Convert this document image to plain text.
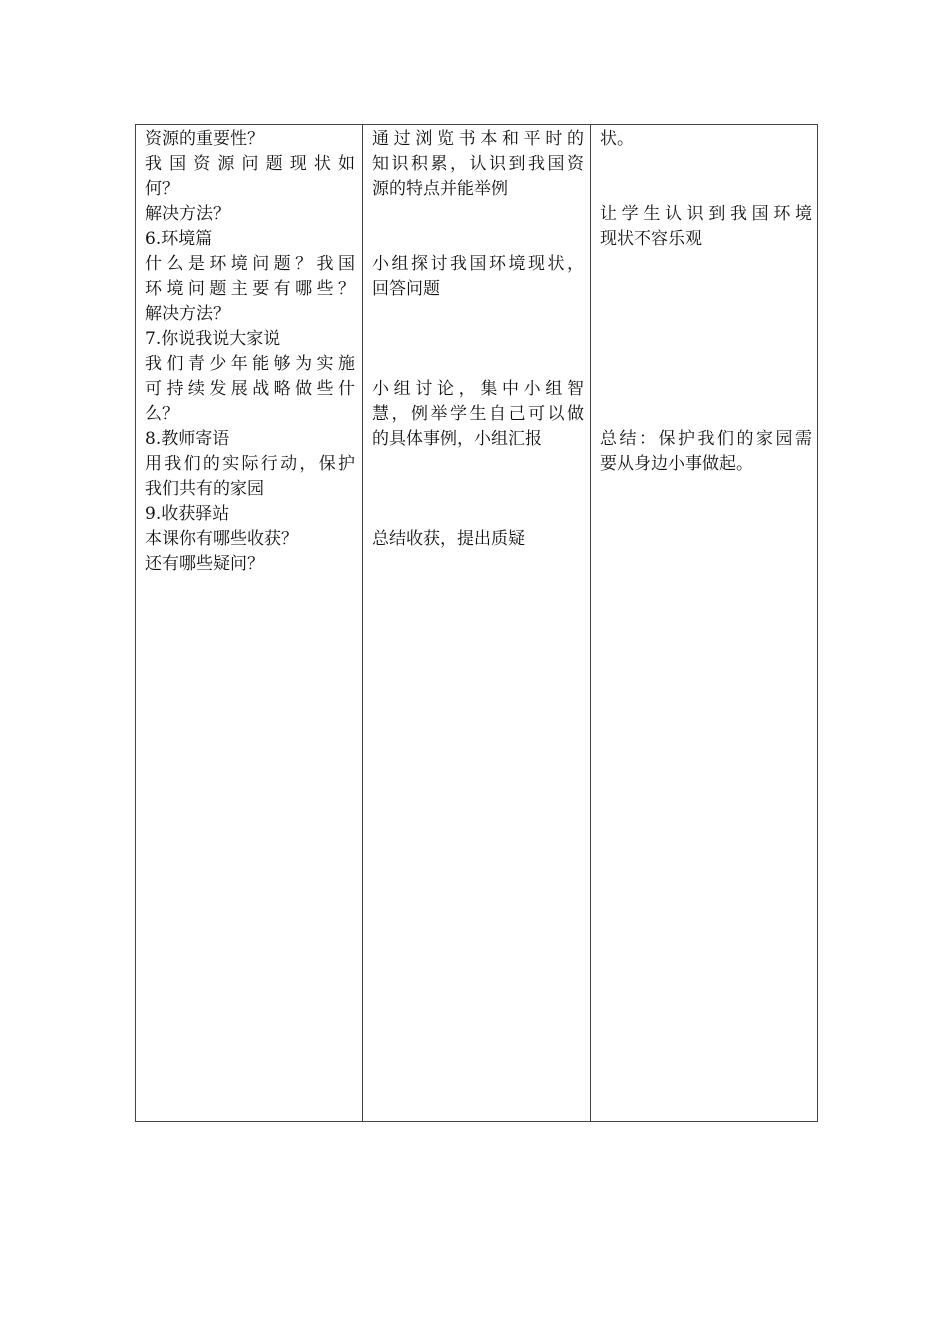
资源的重要性？
我国资源问题现状如
何？
解决方法？
6.环境篇
什么是环境问题？我国
环境问题主要有哪些？
解决方法？
7.你说我说大家说
我们青少年能够为实施
可持续发展战略做些什
么？
8.教师寄语
用我们的实际行动，保护
我们共有的家园
9.收获驿站
本课你有哪些收获？
还有哪些疑问？

通过浏览书本和平时的
知识积累，认识到我国资
源的特点并能举例
小组探讨我国环境现状，
回答问题
小组讨论，集中小组智
慧，例举学生自己可以做
的具体事例，小组汇报
总结收获，提出质疑

状。
让学生认识到我国环境
现状不容乐观
总结：保护我们的家园需
要从身边小事做起。
